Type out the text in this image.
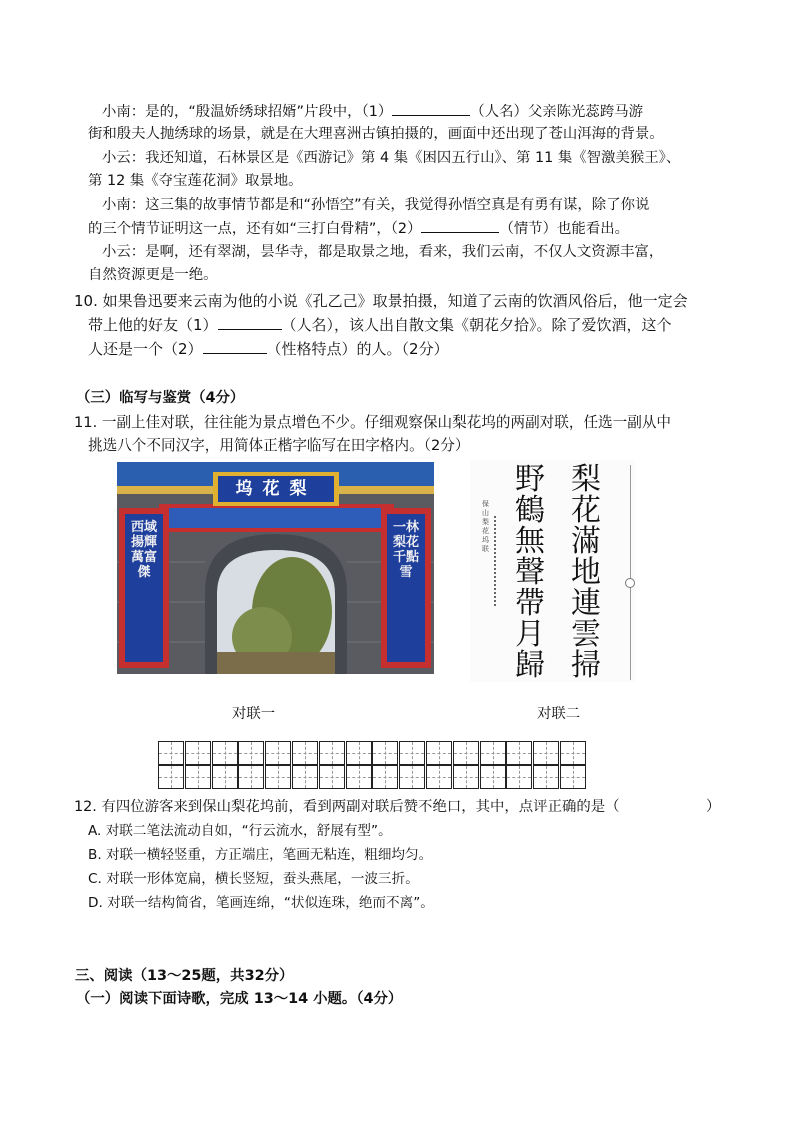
小南：是的，“殷温娇绣球招婿”片段中，（1）	（人名）父亲陈光蕊跨马游
街和殷夫人抛绣球的场景，就是在大理喜洲古镇拍摄的，画面中还出现了苍山洱海的背景。
小云：我还知道，石林景区是《西游记》第 4 集《困囚五行山》、第 11 集《智激美猴王》、
第 12 集《夺宝莲花洞》取景地。
小南：这三集的故事情节都是和“孙悟空”有关，我觉得孙悟空真是有勇有谋，除了你说
的三个情节证明这一点，还有如“三打白骨精”，（2）	（情节）也能看出。
小云：是啊，还有翠湖，昙华寺，都是取景之地，看来，我们云南，不仅人文资源丰富，
自然资源更是一绝。
10. 如果鲁迅要来云南为他的小说《孔乙己》取景拍摄，知道了云南的饮酒风俗后，他一定会
带上他的好友（1）	（人名），该人出自散文集《朝花夕拾》。除了爱饮酒，这个
人还是一个（2）	（性格特点）的人。（2分）
（三）临写与鉴赏（4分）
11. 一副上佳对联，往往能为景点增色不少。仔细观察保山梨花坞的两副对联，任选一副从中
挑选八个不同汉字，用简体正楷字临写在田字格内。（2分）
坞花梨
西域揚輝萬富傑
一林梨花千點雪
梨花滿地連雲掃
野鶴無聲帶月歸
保山梨花坞联
对联一	对联二
12. 有四位游客来到保山梨花坞前，看到两副对联后赞不绝口，其中，点评正确的是（	）
A. 对联二笔法流动自如，“行云流水，舒展有型”。
B. 对联一横轻竖重，方正端庄，笔画无粘连，粗细均匀。
C. 对联一形体宽扁，横长竖短，蚕头燕尾，一波三折。
D. 对联一结构简省，笔画连绵，“状似连珠，绝而不离”。
三、阅读（13～25题，共32分）
（一）阅读下面诗歌，完成 13～14 小题。（4分）
